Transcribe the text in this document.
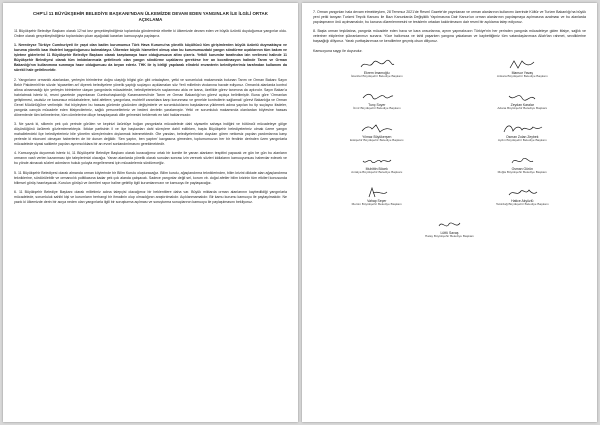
CHP'Lİ 11 BÜYÜKŞEHİR BELEDİYE BAŞKANI'NDAN ÜLKEMİZDE DEVAM EDEN YANGINLAR İLE İLGİLİ ORTAK AÇIKLAMA

11 Büyükşehir Belediye Başkanı olarak 12'nci kez gerçekleştirdiğimiz toplantıda gündemimiz elbette ki ülkemizde devam eden ve büyük üzüntü duyduğumuz yangınlar oldu. Online olarak gerçekleştirdiğimiz toplantıdan çıkan aşağıdaki kararları kamuoyuyla paylaşırız.

1. Neredeyse Türkiye Cumhuriyeti ile yaşıt olan kadim kurumumuz Türk Hava Kurumu'na yönelik küçültücü tüm girişimlerden büyük üzüntü duymaktayız ve kuruma yönelik bazı ifadeleri kaygıdoğurucu bulmaktayız. Ülkemize büyük hizmetleri olmuş olan bu kurumumuzdaki yangın söndürme uçaklarının tüm bakım ve işletme giderlerini 11 Büyükşehir Belediye Başkanı olarak karşılamaya hazır olduğumuzun altını çizeriz. Yetkili kurumlar tarafından izin verilmesi halinde 11 Büyükşehir Belediyesi olarak tüm imkânlarımızla getirilecek olan yangın söndürme uçaklarını gerekirse her an koordinasyon halinde Tarım ve Orman Bakanlığı'nın kullanımına sunmaya hazır olduğumuzu da beyan ederiz. THK ile iş birliği yapılarak elindeki envanterin belediyelerimiz tarafından kullanımı da sürekli hale getirilecektir.

2. Yangınların ormanlık alanlardan, yerleşim birimlerine doğru ulaştığı bilgisi gün gibi ortadayken, yetki ve sorumluluk makamında bulunan Tarım ve Orman Bakanı Sayın Bekir Pakdemirli'nin sözde 'siyasetten ari' diyerek belediyelere yönelik yaptığı suçlayıcı açıklamaları söz Yerli milletinin vicdanına havale ediyoruz. Ormanlık alanlarda kontrol altına alınamadığı için yerleşim birimlerine ulaşan yangınlarla mücadelede, belediyelerimizin suçlanması akla ve izana, özellikle görev tanımına da aykırıdır. Sayın Bakan'a hatırlatmak isteriz ki, resmi gazetede yayımlanan Cumhurbaşkanlığı Kararnamesi'nde Tarım ve Orman Bakanlığı'nın görevi açıkça belirtilmiştir. Buna göre 'Ormanları geliştirmesi, usulsüz ve kanunsuz müdahalelere, tabii afetlere, yangınlara, muhtelif zararlılara karşı korunması ve genelde kontrollerin sağlamak' görevi Bakanlığa ve Orman Genel Müdürlüğü'ne verilmiştir. Hal böyleyken bu hassas günlerde gücünden değişimlerle ve sorumluluklarını başkalarına yüklemek adına yapılan bu tip suçlayıcı ifadeler, yangınla canıyla mücadele eden itfaiyecilerimiz, sağlık personellerimiz ve bedeni devletin yaralamıştır. Yetki ve sorumluluk makamında olanlardan böylesine hassas dönemlerde tüm kelimelerine, tüm cümlelerine dikçe hesaplayarak dille gelmesini beklemek en tabi haklarımızdır.

3. Ne yazık ki, silkenin pek çok yerinde görülen ve kepinizi üzüntüye boğan yangınlarla mücadelede dahi siyasetin sahaya indiğini ve bütüncül mücadeleye gölge düşürdüğünü üzülerek gözlemlemekteyiz. İktidar partisinin il ve ilçe başkanları dahi süreçlere dahil edilirken, başta Büyükşehir belediyelerimiz olmak üzere yangın mahallelerdeki ilçe belediyelerimiz bile yönetim süreçlerinden dışlanmak istenmektedir. Öte yandan, belediyelerimizin duyuları gören neticesiz yapılan yardımlarına karşı yerlerde ki ekonomi olmayan haberlerim de bir durum değildir. 'Sen yaptın, ben yaptım' kavgasına girmeden, toplumumuzun her bir ferdinin derinden üzen yangınlarla mücadelede siyasi saiklerle yapılan ayırımcılıklara bir an evvel sonlandırılmasını gereklmektedir.

4. Kamuoyuyla duyurmak isteriz ki, 11 Büyükşehir Belediye Başkanı olarak kuracağımız ortak bir komite ile yanan alanların tespitini yapacak ve gün be gün bu alanların ormanın vasfı verlen kazanması için taleplerimizi olacağız. Yanan alanlarda yönelik olarak sunulan sonrası izin verecek sözleri iddialarını kamuoyumuzu haberdar edecek ve bu yönde alınacak sözleri adımların hukuk yoluyla engellenmesi için mücadelemiz sürdüreceğiz.

5. 11 Büyükşehir Belediyesi olarak almanda orman köylerinde bir Bilim Kurulu oluşturacağız. Bilim kurulu, ağaçlandırma tekniklerinden, bilim krizini dikkate alan ağaçlandırma tekniklerine, sürdürülebilir ve ormancılık politikasına kadar pek çok alanda çalışacak. Sadece yangınlar değil sel, korum vb. doğal afetler bilim krizinin tüm etkileri konusunda bilimsel görüş hazırlayacak. Kurulun görüşü ve önerileri rapor haline getirilip ilgili kurumlarımızın ve kamuoyu ile paylaşacağız.

6. 11 Büyükşehir Belediye Başkanı olarak milletimiz adına talepçisi olacağımız bir beklentilere daha var. Büyük miktarda orman alanlarının kaybedildiği yangınlarla mücadelede, sorumluluk sahibi kişi ve kurumların herhangi bir ihmalinin olup olmadığının araştırılmalıdır. Açıklanmamalıdır. Bir kamu kurumu kamuoyu ile paylaşılmalıdır. Ne yazık ki ülkemizde derin bir acıya neden olan yangınlarla ilgili bir soruşturma açılması ve soruşturma sonuçlarının kamuoyu ile paylaşılmasını bekliyoruz.

7. Orman yangınları hala devam etmekteyken, 28 Temmuz 2021'de Resmî Gazete'de yayınlanan ve orman alanlarının kullanımı üzerinde Kültür ve Turizm Bakanlığı'na büyük yeni yetki tanıyan Turizmi Teşvik Kanunu ile Bazı Kanunlarda Değişiklik Yapılmasına Dair Kanun'un orman alanlarının yapılaşmaya açılmasına azalması ve bu alanlarda yapılaşmanın önü açılmamalıdır, bu kanuna düzenlenmesini ve tesislerin ortadan kaldırılmasını dair resmi bir açıklama talep ediyoruz.

8. Başta orman teşkilatına, yangınla mücadele eden hava ve kara unsurlarına, ayrım yapmaksızın Türkiye'nin her yerinden yangınla mücadeleye giden itfaiye, sağlık ve veteriner ekiplerine şükranlarımızı sunarız. Yüce halkımıza ve tahli yaşarken yangına yakalanan ve kaybettiğimiz tüm vatandaşlarımıza Allah'tan rahmet, sevdiklerine başsağlığı diliyoruz. Yaralı yurttaşlarımıza ve kendilerine geçmiş olsun diliyoruz.

Kamuoyuna saygı ile duyurulur.

Ekrem İmamoğlu
İstanbul Büyükşehir Belediye Başkanı
Mansur Yavaş
Ankara Büyükşehir Belediye Başkanı
Tunç Soyer
İzmir Büyükşehir Belediye Başkanı
Zeydan Karalar
Adana Büyükşehir Belediye Başkanı
Yılmaz Büyükerşen
Eskişehir Büyükşehir Belediye Başkanı
Osman Zolan Zeybek
Aydın Büyükşehir Belediye Başkanı
Muhittin Böcek
Antalya Büyükşehir Belediye Başkanı
Osman Gürün
Muğla Büyükşehir Belediye Başkanı
Vahap Seçer
Mersin Büyükşehir Belediye Başkanı
Hatice Akyüzlü
Tekirdağ Büyükşehir Belediye Başkanı
Lütfü Savaş
Hatay Büyükşehir Belediye Başkanı
